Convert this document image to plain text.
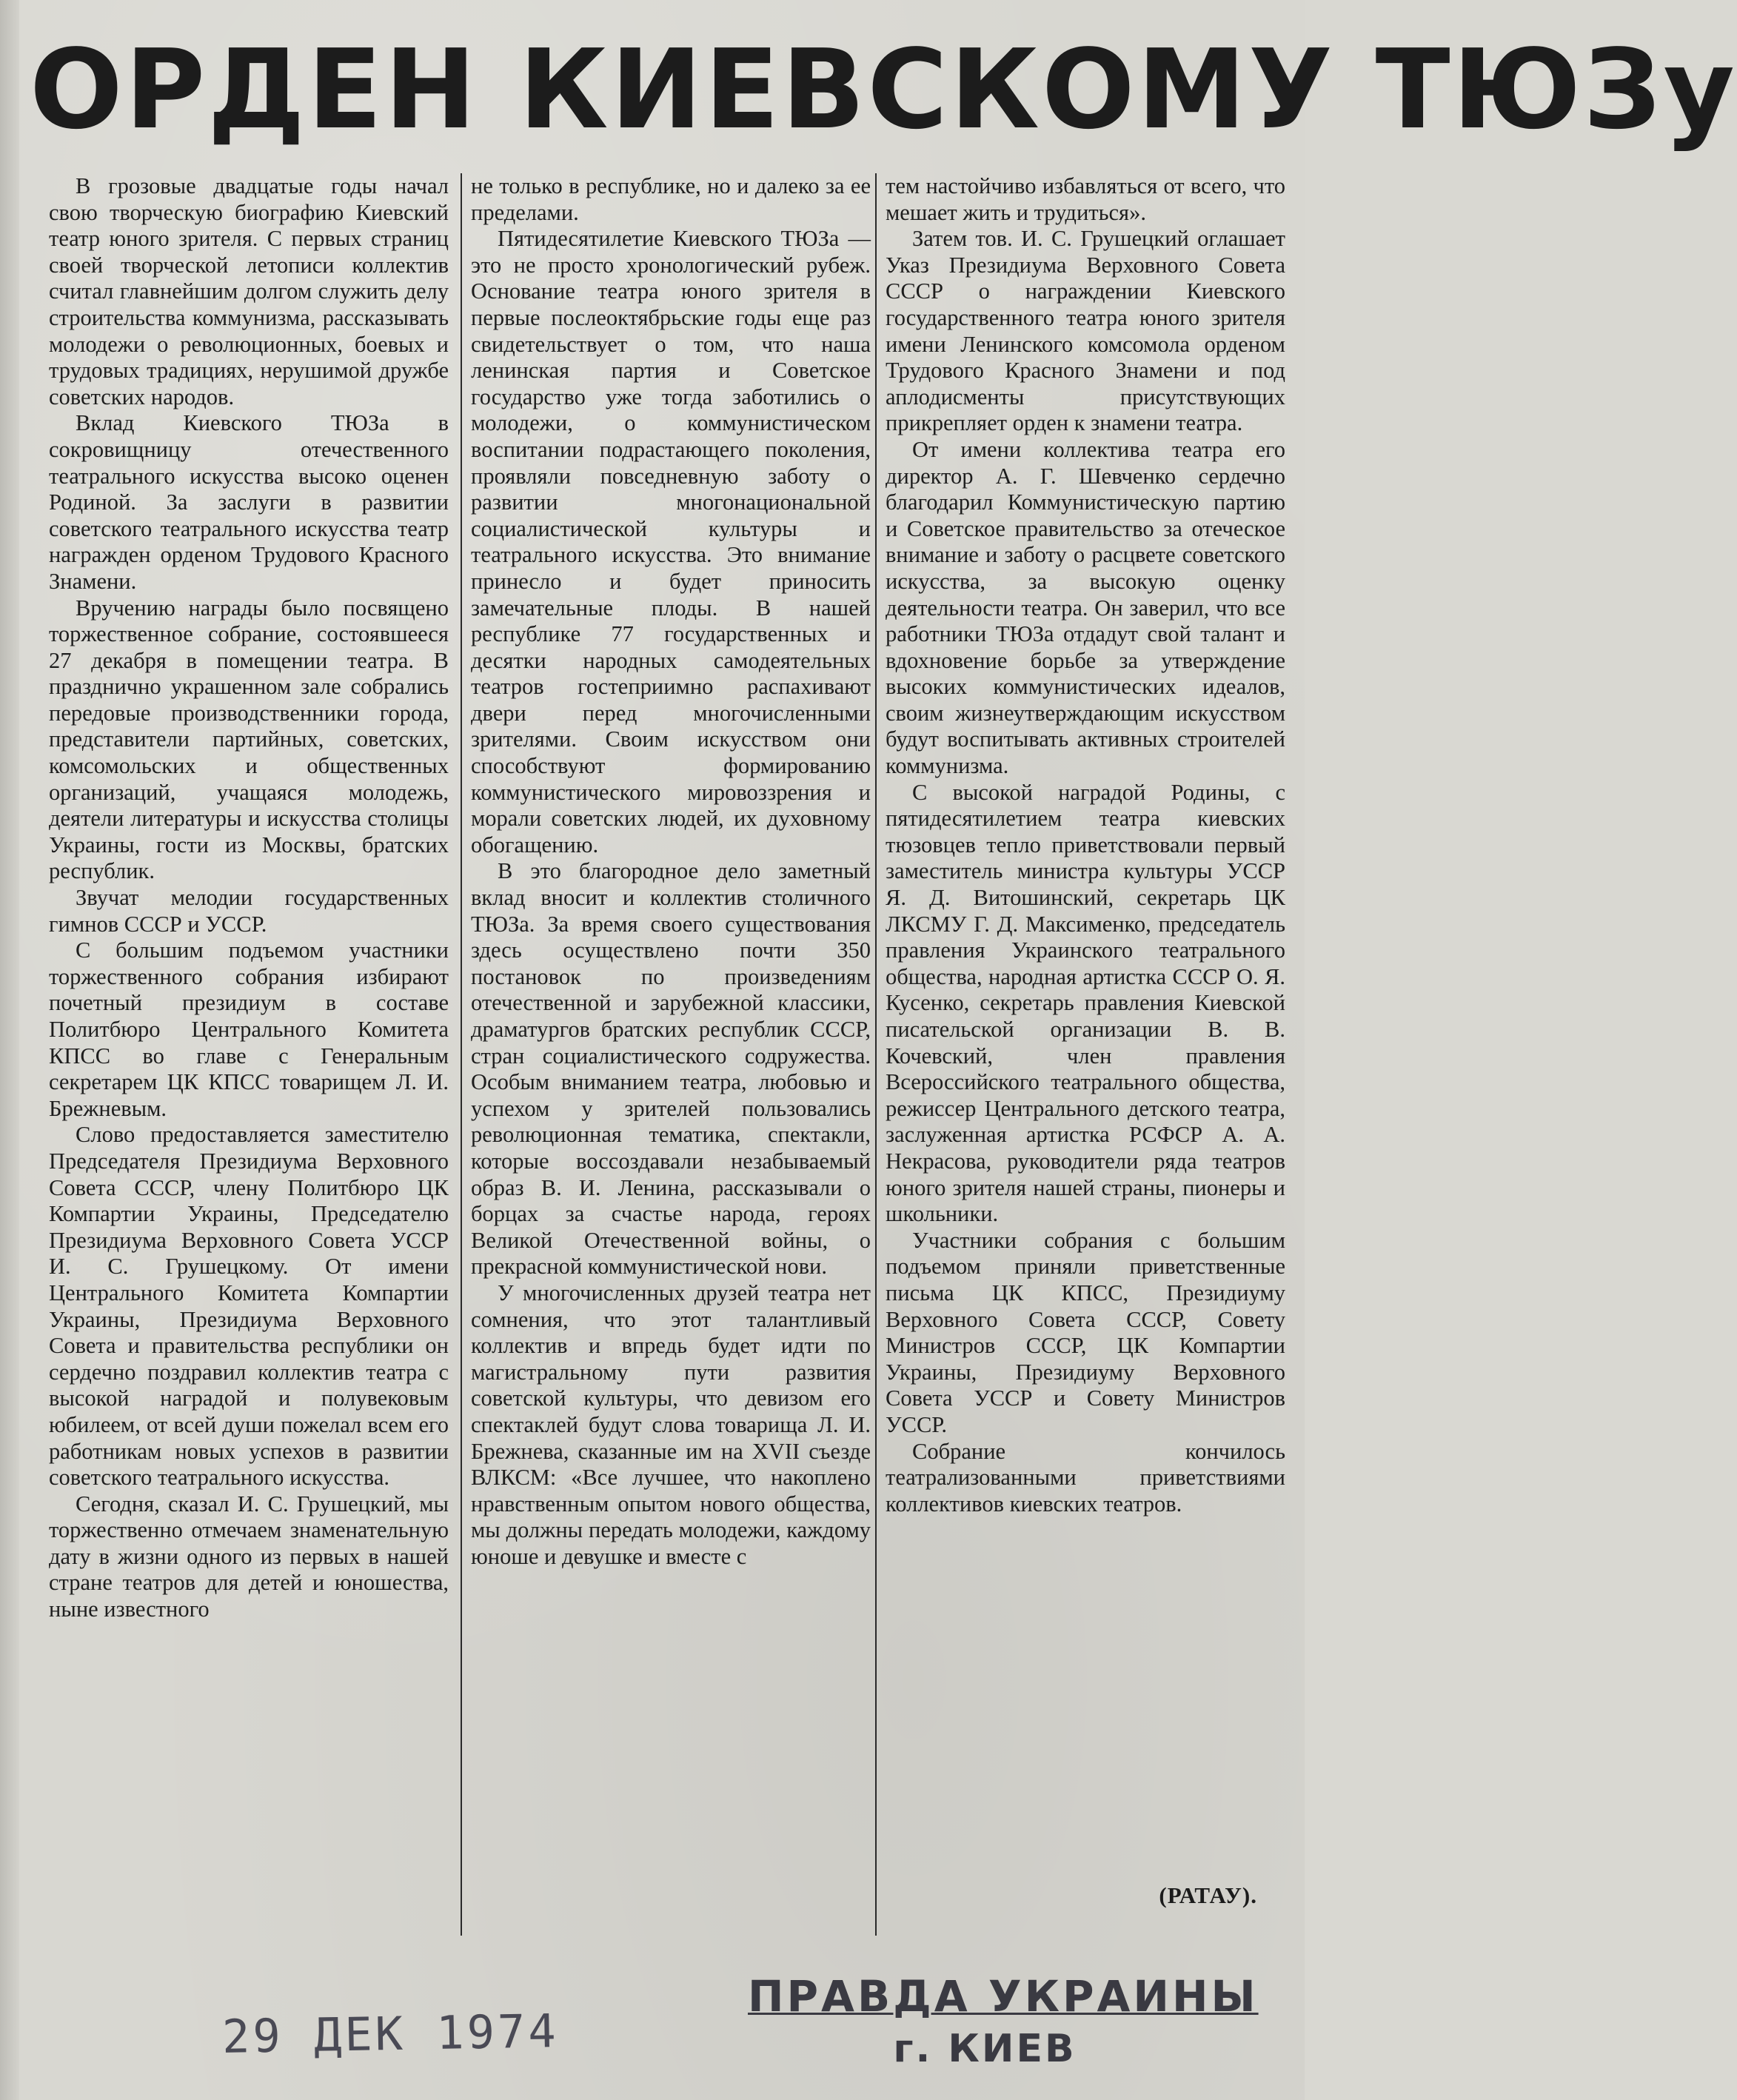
ОРДЕН КИЕВСКОМУ ТЮЗу

В грозовые двадцатые годы начал свою творческую биографию Киевский театр юного зрителя. С первых страниц своей творческой летописи коллектив считал главнейшим долгом служить делу строительства коммунизма, рассказывать молодежи о революционных, боевых и трудовых традициях, нерушимой дружбе советских народов.

Вклад Киевского ТЮЗа в сокровищницу отечественного театрального искусства высоко оценен Родиной. За заслуги в развитии советского театрального искусства театр награжден орденом Трудового Красного Знамени.

Вручению награды было посвящено торжественное собрание, состоявшееся 27 декабря в помещении театра. В празднично украшенном зале собрались передовые производственники города, представители партийных, советских, комсомольских и общественных организаций, учащаяся молодежь, деятели литературы и искусства столицы Украины, гости из Москвы, братских республик.

Звучат мелодии государственных гимнов СССР и УССР.

С большим подъемом участники торжественного собрания избирают почетный президиум в составе Политбюро Центрального Комитета КПСС во главе с Генеральным секретарем ЦК КПСС товарищем Л. И. Брежневым.

Слово предоставляется заместителю Председателя Президиума Верховного Совета СССР, члену Политбюро ЦК Компартии Украины, Председателю Президиума Верховного Совета УССР И. С. Грушецкому. От имени Центрального Комитета Компартии Украины, Президиума Верховного Совета и правительства республики он сердечно поздравил коллектив театра с высокой наградой и полувековым юбилеем, от всей души пожелал всем его работникам новых успехов в развитии советского театрального искусства.

Сегодня, сказал И. С. Грушецкий, мы торжественно отмечаем знаменательную дату в жизни одного из первых в нашей стране театров для детей и юношества, ныне известного

не только в республике, но и далеко за ее пределами.

Пятидесятилетие Киевского ТЮЗа — это не просто хронологический рубеж. Основание театра юного зрителя в первые послеоктябрьские годы еще раз свидетельствует о том, что наша ленинская партия и Советское государство уже тогда заботились о молодежи, о коммунистическом воспитании подрастающего поколения, проявляли повседневную заботу о развитии многонациональной социалистической культуры и театрального искусства. Это внимание принесло и будет приносить замечательные плоды. В нашей республике 77 государственных и десятки народных самодеятельных театров гостеприимно распахивают двери перед многочисленными зрителями. Своим искусством они способствуют формированию коммунистического мировоззрения и морали советских людей, их духовному обогащению.

В это благородное дело заметный вклад вносит и коллектив столичного ТЮЗа. За время своего существования здесь осуществлено почти 350 постановок по произведениям отечественной и зарубежной классики, драматургов братских республик СССР, стран социалистического содружества. Особым вниманием театра, любовью и успехом у зрителей пользовались революционная тематика, спектакли, которые воссоздавали незабываемый образ В. И. Ленина, рассказывали о борцах за счастье народа, героях Великой Отечественной войны, о прекрасной коммунистической нови.

У многочисленных друзей театра нет сомнения, что этот талантливый коллектив и впредь будет идти по магистральному пути развития советской культуры, что девизом его спектаклей будут слова товарища Л. И. Брежнева, сказанные им на XVII съезде ВЛКСМ: «Все лучшее, что накоплено нравственным опытом нового общества, мы должны передать молодежи, каждому юноше и девушке и вместе с

тем настойчиво избавляться от всего, что мешает жить и трудиться».

Затем тов. И. С. Грушецкий оглашает Указ Президиума Верховного Совета СССР о награждении Киевского государственного театра юного зрителя имени Ленинского комсомола орденом Трудового Красного Знамени и под аплодисменты присутствующих прикрепляет орден к знамени театра.

От имени коллектива театра его директор А. Г. Шевченко сердечно благодарил Коммунистическую партию и Советское правительство за отеческое внимание и заботу о расцвете советского искусства, за высокую оценку деятельности театра. Он заверил, что все работники ТЮЗа отдадут свой талант и вдохновение борьбе за утверждение высоких коммунистических идеалов, своим жизнеутверждающим искусством будут воспитывать активных строителей коммунизма.

С высокой наградой Родины, с пятидесятилетием театра киевских тюзовцев тепло приветствовали первый заместитель министра культуры УССР Я. Д. Витошинский, секретарь ЦК ЛКСМУ Г. Д. Максименко, председатель правления Украинского театрального общества, народная артистка СССР О. Я. Кусенко, секретарь правления Киевской писательской организации В. В. Кочевский, член правления Всероссийского театрального общества, режиссер Центрального детского театра, заслуженная артистка РСФСР А. А. Некрасова, руководители ряда театров юного зрителя нашей страны, пионеры и школьники.

Участники собрания с большим подъемом приняли приветственные письма ЦК КПСС, Президиуму Верховного Совета СССР, Совету Министров СССР, ЦК Компартии Украины, Президиуму Верховного Совета УССР и Совету Министров УССР.

Собрание кончилось театрализованными приветствиями коллективов киевских театров.

(РАТАУ).
29 ДЕК 1974
ПРАВДА УКРАИНЫ
г. КИЕВ
